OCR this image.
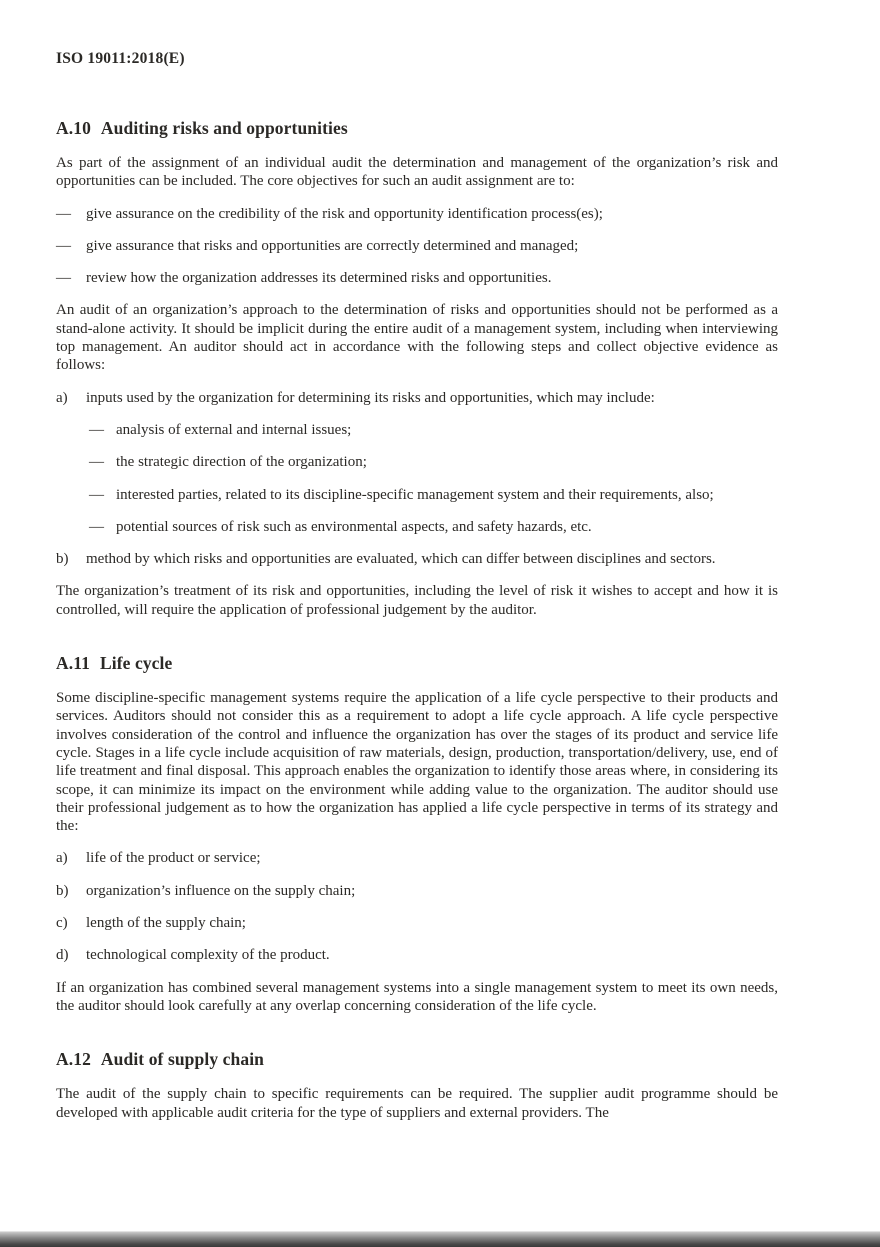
ISO 19011:2018(E)
A.10 Auditing risks and opportunities

As part of the assignment of an individual audit the determination and management of the organization’s risk and opportunities can be included. The core objectives for such an audit assignment are to:

—	give assurance on the credibility of the risk and opportunity identification process(es);
—	give assurance that risks and opportunities are correctly determined and managed;
—	review how the organization addresses its determined risks and opportunities.

An audit of an organization’s approach to the determination of risks and opportunities should not be performed as a stand-alone activity. It should be implicit during the entire audit of a management system, including when interviewing top management. An auditor should act in accordance with the following steps and collect objective evidence as follows:

a)	inputs used by the organization for determining its risks and opportunities, which may include:
— analysis of external and internal issues;
— the strategic direction of the organization;
— interested parties, related to its discipline-specific management system and their requirements, also;
— potential sources of risk such as environmental aspects, and safety hazards, etc.
b)	method by which risks and opportunities are evaluated, which can differ between disciplines and sectors.

The organization’s treatment of its risk and opportunities, including the level of risk it wishes to accept and how it is controlled, will require the application of professional judgement by the auditor.

A.11 Life cycle

Some discipline-specific management systems require the application of a life cycle perspective to their products and services. Auditors should not consider this as a requirement to adopt a life cycle approach. A life cycle perspective involves consideration of the control and influence the organization has over the stages of its product and service life cycle. Stages in a life cycle include acquisition of raw materials, design, production, transportation/delivery, use, end of life treatment and final disposal. This approach enables the organization to identify those areas where, in considering its scope, it can minimize its impact on the environment while adding value to the organization. The auditor should use their professional judgement as to how the organization has applied a life cycle perspective in terms of its strategy and the:

a)	life of the product or service;
b)	organization’s influence on the supply chain;
c)	length of the supply chain;
d)	technological complexity of the product.

If an organization has combined several management systems into a single management system to meet its own needs, the auditor should look carefully at any overlap concerning consideration of the life cycle.

A.12 Audit of supply chain

The audit of the supply chain to specific requirements can be required. The supplier audit programme should be developed with applicable audit criteria for the type of suppliers and external providers. The
